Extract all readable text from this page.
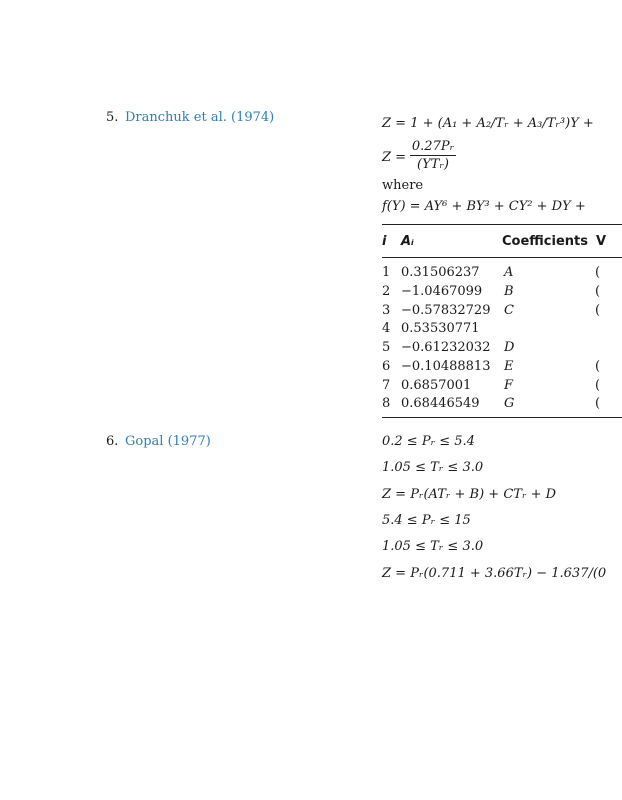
5. Dranchuk et al. (1974)	Z = 1 + (A₁ + A₂/Tᵣ + A₃/Tᵣ³)Y +
Z =
0.27Pᵣ
(YTᵣ)
where
f(Y) = AY⁶ + BY³ + CY² + DY +
i Aᵢ	Coefficients V
1 0.31506237 A	(
2 −1.0467099 B	(
3 −0.57832729 C	(
4 0.53530771
5 −0.61232032 D
6 −0.10488813 E	(
7 0.6857001	F	(
8 0.68446549 G	(
6. Gopal (1977)	0.2 ≤ Pᵣ ≤ 5.4
1.05 ≤ Tᵣ ≤ 3.0
Z = Pᵣ(ATᵣ + B) + CTᵣ + D
5.4 ≤ Pᵣ ≤ 15
1.05 ≤ Tᵣ ≤ 3.0
Z = Pᵣ(0.711 + 3.66Tᵣ) − 1.637/(0
